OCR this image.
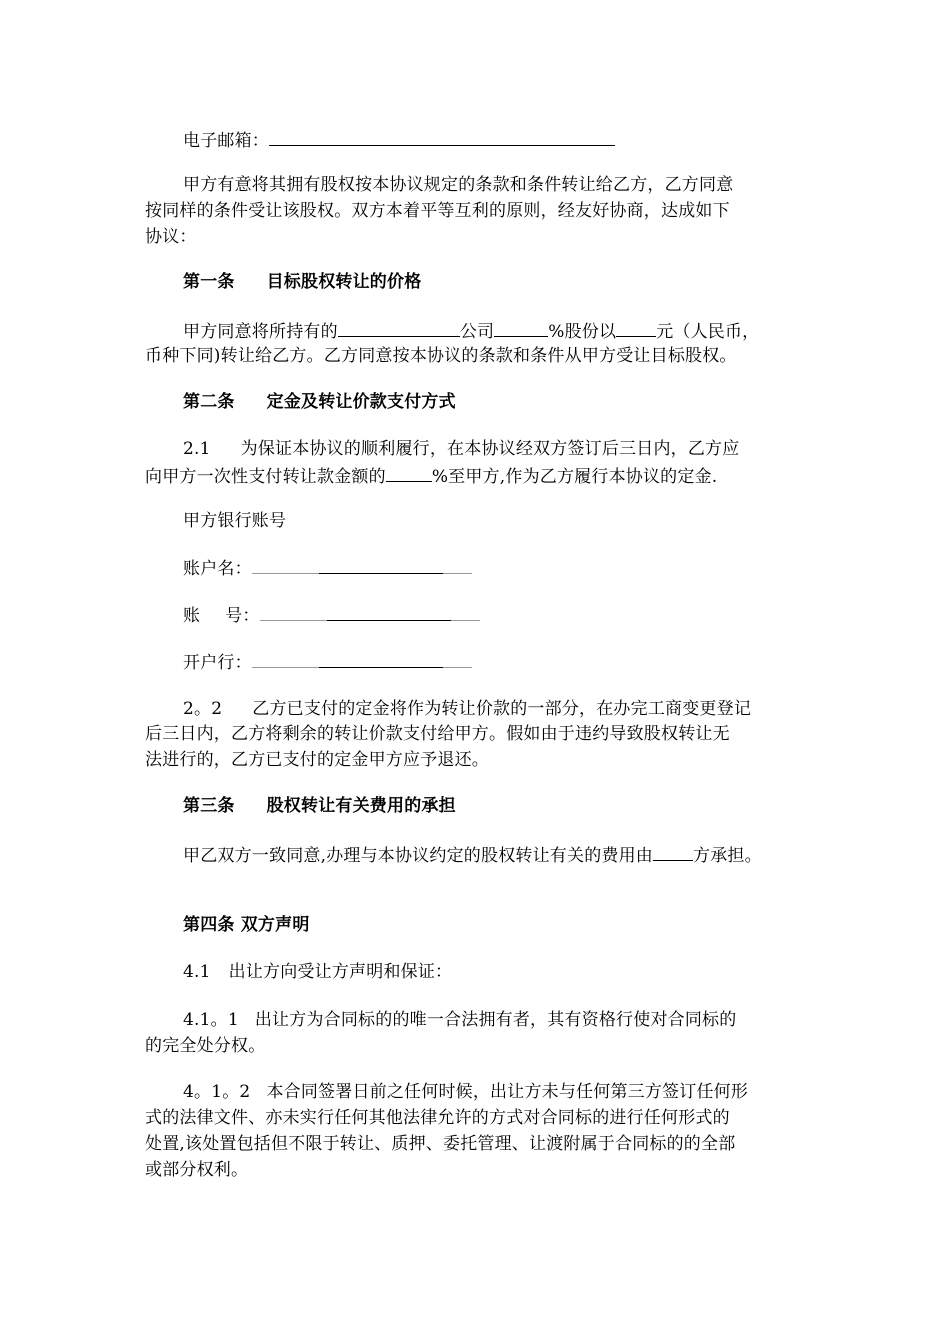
电子邮箱：
甲方有意将其拥有股权按本协议规定的条款和条件转让给乙方，乙方同意
按同样的条件受让该股权。双方本着平等互利的原则，经友好协商，达成如下
协议：
第一条 目标股权转让的价格
甲方同意将所持有的	公司	%股份以 元（人民币，
币种下同)转让给乙方。乙方同意按本协议的条款和条件从甲方受让目标股权。
第二条 定金及转让价款支付方式
2.1 为保证本协议的顺利履行，在本协议经双方签订后三日内，乙方应
向甲方一次性支付转让款金额的	%至甲方,作为乙方履行本协议的定金.
甲方银行账号
账户名：
账 号：
开户行：
2。2 乙方已支付的定金将作为转让价款的一部分，在办完工商变更登记
后三日内，乙方将剩余的转让价款支付给甲方。假如由于违约导致股权转让无
法进行的，乙方已支付的定金甲方应予退还。
第三条 股权转让有关费用的承担
甲乙双方一致同意,办理与本协议约定的股权转让有关的费用由 方承担。
第四条 双方声明
4.1 出让方向受让方声明和保证：
4.1。1 出让方为合同标的的唯一合法拥有者，其有资格行使对合同标的
的完全处分权。
4。1。2 本合同签署日前之任何时候，出让方未与任何第三方签订任何形
式的法律文件、亦未实行任何其他法律允许的方式对合同标的进行任何形式的
处置,该处置包括但不限于转让、质押、委托管理、让渡附属于合同标的的全部
或部分权利。
